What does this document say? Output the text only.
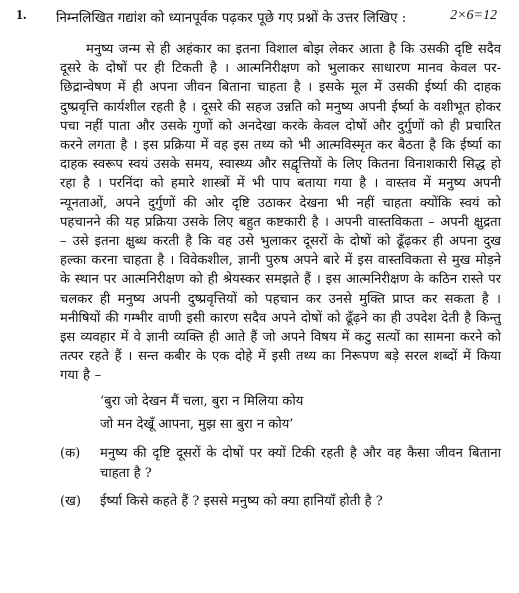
1. निम्नलिखित गद्यांश को ध्यानपूर्वक पढ़कर पूछे गए प्रश्नों के उत्तर लिखिए :	2×6=12

मनुष्य जन्म से ही अहंकार का इतना विशाल बोझ लेकर आता है कि उसकी दृष्टि सदैव दूसरे के दोषों पर ही टिकती है । आत्मनिरीक्षण को भुलाकर साधारण मानव केवल पर-छिद्रान्वेषण में ही अपना जीवन बिताना चाहता है । इसके मूल में उसकी ईर्ष्या की दाहक दुष्प्रवृत्ति कार्यशील रहती है । दूसरे की सहज उन्नति को मनुष्य अपनी ईर्ष्या के वशीभूत होकर पचा नहीं पाता और उसके गुणों को अनदेखा करके केवल दोषों और दुर्गुणों को ही प्रचारित करने लगता है । इस प्रक्रिया में वह इस तथ्य को भी आत्मविस्मृत कर बैठता है कि ईर्ष्या का दाहक स्वरूप स्वयं उसके समय, स्वास्थ्य और सद्वृत्तियों के लिए कितना विनाशकारी सिद्ध हो रहा है । परनिंदा को हमारे शास्त्रों में भी पाप बताया गया है । वास्तव में मनुष्य अपनी न्यूनताओं, अपने दुर्गुणों की ओर दृष्टि उठाकर देखना भी नहीं चाहता क्योंकि स्वयं को पहचानने की यह प्रक्रिया उसके लिए बहुत कष्टकारी है । अपनी वास्तविकता – अपनी क्षुद्रता – उसे इतना क्षुब्ध करती है कि वह उसे भुलाकर दूसरों के दोषों को ढूँढ़कर ही अपना दुख हल्का करना चाहता है । विवेकशील, ज्ञानी पुरुष अपने बारे में इस वास्तविकता से मुख मोड़ने के स्थान पर आत्मनिरीक्षण को ही श्रेयस्कर समझते हैं । इस आत्मनिरीक्षण के कठिन रास्ते पर चलकर ही मनुष्य अपनी दुष्प्रवृत्तियों को पहचान कर उनसे मुक्ति प्राप्त कर सकता है । मनीषियों की गम्भीर वाणी इसी कारण सदैव अपने दोषों को ढूँढ़ने का ही उपदेश देती है किन्तु इस व्यवहार में वे ज्ञानी व्यक्ति ही आते हैं जो अपने विषय में कटु सत्यों का सामना करने को तत्पर रहते हैं । सन्त कबीर के एक दोहे में इसी तथ्य का निरूपण बड़े सरल शब्दों में किया गया है –

‘बुरा जो देखन मैं चला, बुरा न मिलिया कोय
जो मन देखूँ आपना, मुझ सा बुरा न कोय’
(क) मनुष्य की दृष्टि दूसरों के दोषों पर क्यों टिकी रहती है और वह कैसा जीवन बिताना चाहता है ?
(ख) ईर्ष्या किसे कहते हैं ? इससे मनुष्य को क्या हानियाँ होती है ?
